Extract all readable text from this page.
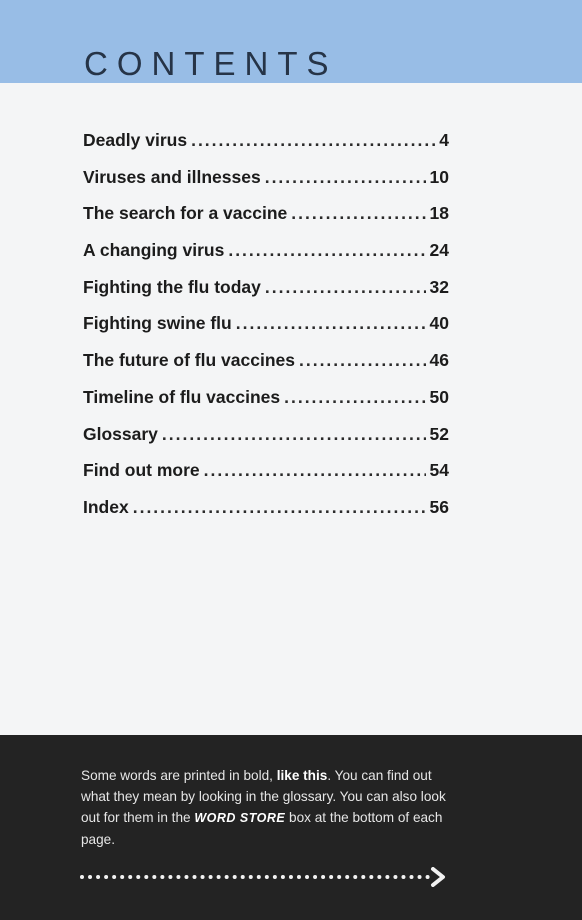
CONTENTS
Deadly virus .....	4
Viruses and illnesses .....	10
The search for a vaccine .....	18
A changing virus .....	24
Fighting the flu today .....	32
Fighting swine flu .....	40
The future of flu vaccines .....	46
Timeline of flu vaccines .....	50
Glossary .....	52
Find out more .....	54
Index .....	56

Some words are printed in bold, like this. You can find out what they mean by looking in the glossary. You can also look out for them in the WORD STORE box at the bottom of each page.
